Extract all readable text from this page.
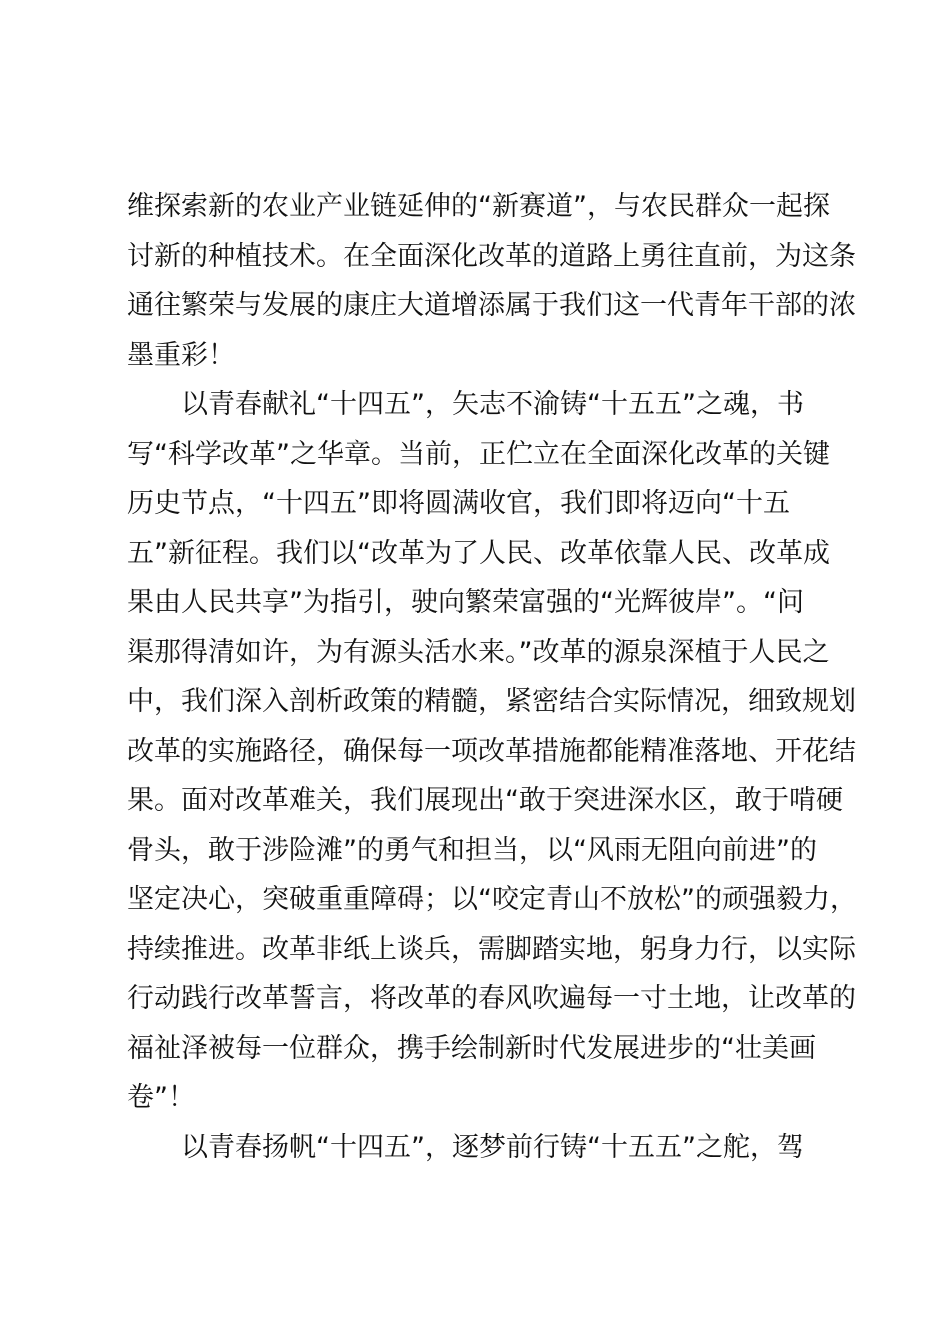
维探索新的农业产业链延伸的“新赛道”，与农民群众一起探
讨新的种植技术。在全面深化改革的道路上勇往直前，为这条
通往繁荣与发展的康庄大道增添属于我们这一代青年干部的浓
墨重彩！
以青春献礼“十四五”，矢志不渝铸“十五五”之魂，书
写“科学改革”之华章。当前，正伫立在全面深化改革的关键
历史节点，“十四五”即将圆满收官，我们即将迈向“十五
五”新征程。我们以“改革为了人民、改革依靠人民、改革成
果由人民共享”为指引，驶向繁荣富强的“光辉彼岸”。“问
渠那得清如许，为有源头活水来。”改革的源泉深植于人民之
中，我们深入剖析政策的精髓，紧密结合实际情况，细致规划
改革的实施路径，确保每一项改革措施都能精准落地、开花结
果。面对改革难关，我们展现出“敢于突进深水区，敢于啃硬
骨头，敢于涉险滩”的勇气和担当，以“风雨无阻向前进”的
坚定决心，突破重重障碍；以“咬定青山不放松”的顽强毅力，
持续推进。改革非纸上谈兵，需脚踏实地，躬身力行，以实际
行动践行改革誓言，将改革的春风吹遍每一寸土地，让改革的
福祉泽被每一位群众，携手绘制新时代发展进步的“壮美画
卷”！
以青春扬帆“十四五”，逐梦前行铸“十五五”之舵，驾
